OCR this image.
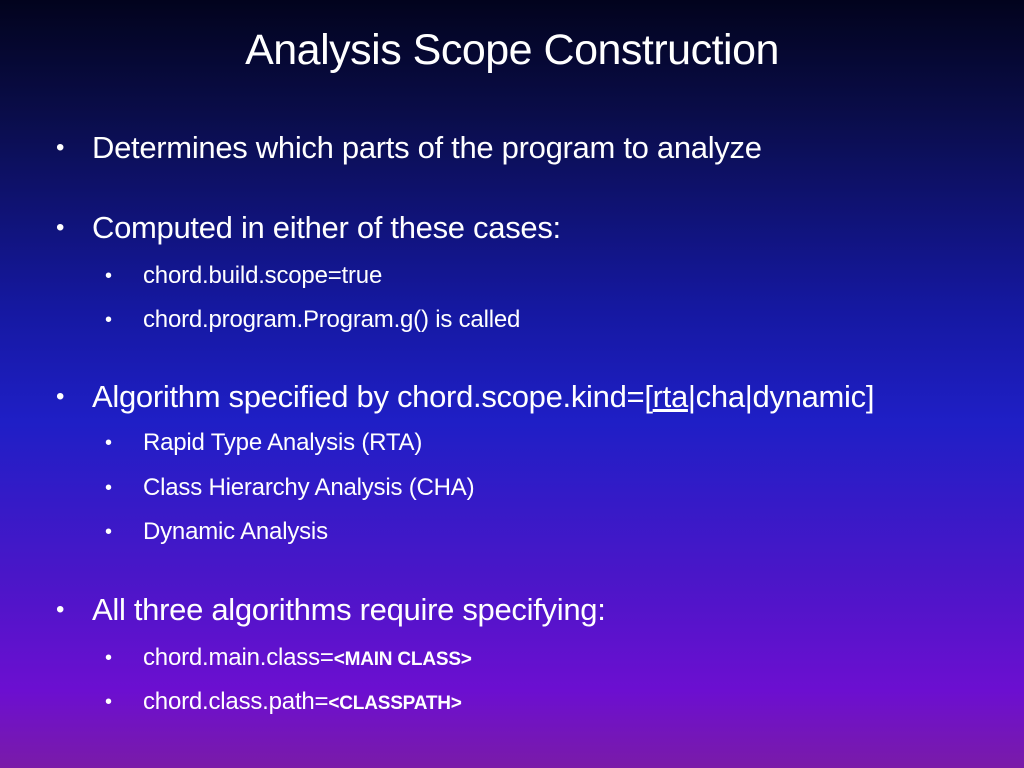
Analysis Scope Construction
• Determines which parts of the program to analyze
• Computed in either of these cases:
• chord.build.scope=true
• chord.program.Program.g() is called
• Algorithm specified by chord.scope.kind=[rta|cha|dynamic]
• Rapid Type Analysis (RTA)
• Class Hierarchy Analysis (CHA)
• Dynamic Analysis
• All three algorithms require specifying:
• chord.main.class=<MAIN CLASS>
• chord.class.path=<CLASSPATH>
